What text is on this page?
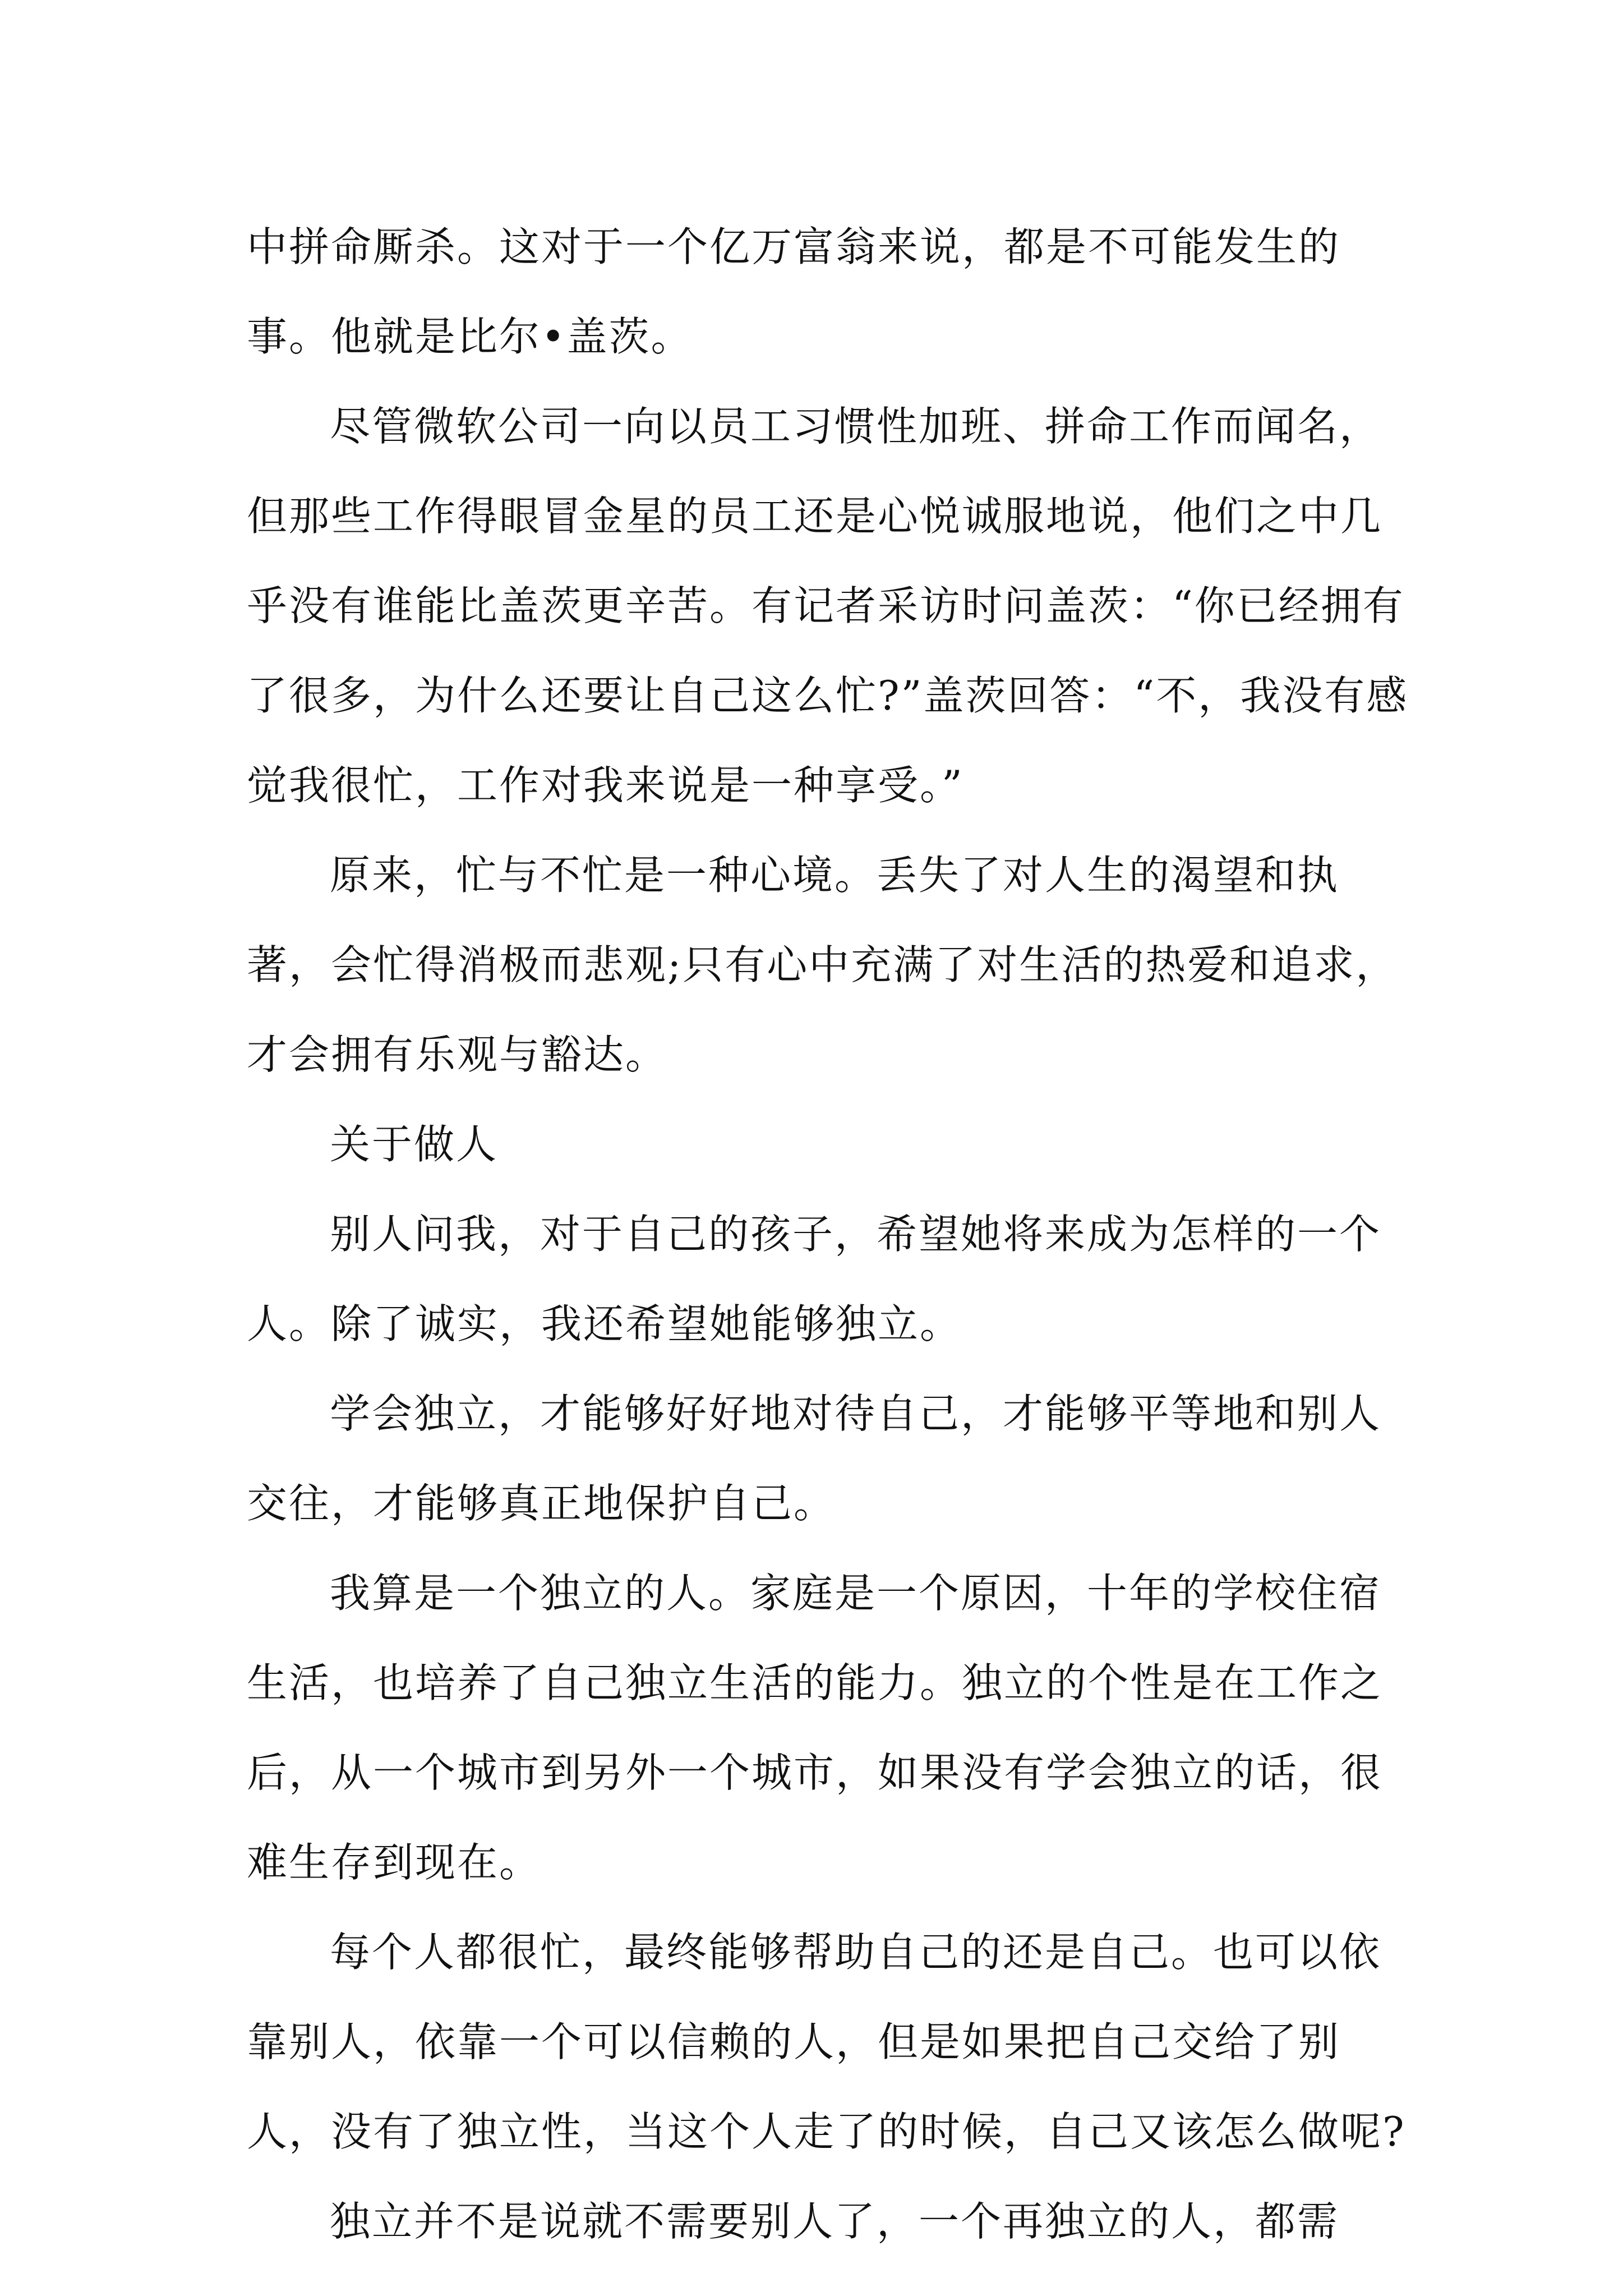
中拼命厮杀。这对于一个亿万富翁来说，都是不可能发生的事。他就是比尔•盖茨。

尽管微软公司一向以员工习惯性加班、拼命工作而闻名，但那些工作得眼冒金星的员工还是心悦诚服地说，他们之中几乎没有谁能比盖茨更辛苦。有记者采访时问盖茨：“你已经拥有了很多，为什么还要让自己这么忙?”盖茨回答：“不，我没有感觉我很忙，工作对我来说是一种享受。”

原来，忙与不忙是一种心境。丢失了对人生的渴望和执著，会忙得消极而悲观;只有心中充满了对生活的热爱和追求，才会拥有乐观与豁达。

关于做人

别人问我，对于自己的孩子，希望她将来成为怎样的一个人。除了诚实，我还希望她能够独立。

学会独立，才能够好好地对待自己，才能够平等地和别人交往，才能够真正地保护自己。

我算是一个独立的人。家庭是一个原因，十年的学校住宿生活，也培养了自己独立生活的能力。独立的个性是在工作之后，从一个城市到另外一个城市，如果没有学会独立的话，很难生存到现在。

每个人都很忙，最终能够帮助自己的还是自己。也可以依靠别人，依靠一个可以信赖的人，但是如果把自己交给了别人，没有了独立性，当这个人走了的时候，自己又该怎么做呢?

独立并不是说就不需要别人了，一个再独立的人，都需
